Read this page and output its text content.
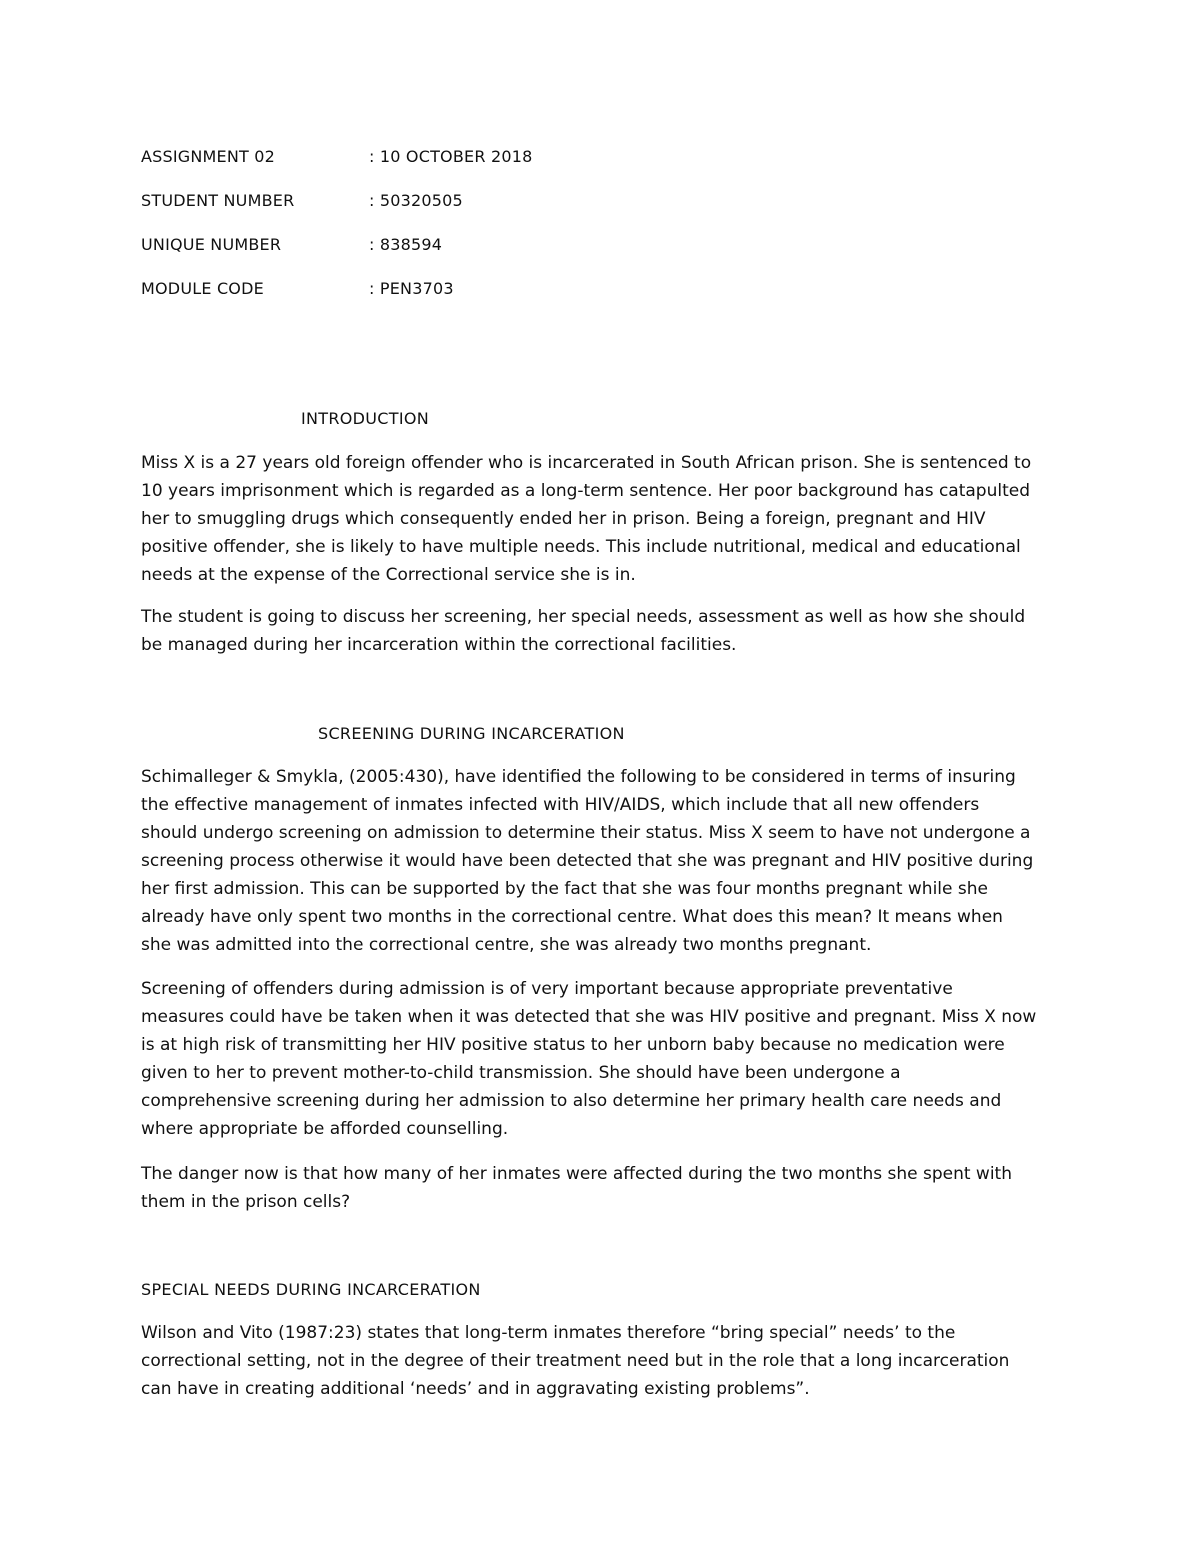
ASSIGNMENT 02	: 10 OCTOBER 2018
STUDENT NUMBER	: 50320505
UNIQUE NUMBER	: 838594
MODULE CODE	: PEN3703
INTRODUCTION
Miss X is a 27 years old foreign offender who is incarcerated in South African prison. She is sentenced to
10 years imprisonment which is regarded as a long-term sentence. Her poor background has catapulted
her to smuggling drugs which consequently ended her in prison. Being a foreign, pregnant and HIV
positive offender, she is likely to have multiple needs. This include nutritional, medical and educational
needs at the expense of the Correctional service she is in.
The student is going to discuss her screening, her special needs, assessment as well as how she should
be managed during her incarceration within the correctional facilities.
SCREENING DURING INCARCERATION
Schimalleger & Smykla, (2005:430), have identified the following to be considered in terms of insuring
the effective management of inmates infected with HIV/AIDS, which include that all new offenders
should undergo screening on admission to determine their status. Miss X seem to have not undergone a
screening process otherwise it would have been detected that she was pregnant and HIV positive during
her first admission. This can be supported by the fact that she was four months pregnant while she
already have only spent two months in the correctional centre. What does this mean? It means when
she was admitted into the correctional centre, she was already two months pregnant.
Screening of offenders during admission is of very important because appropriate preventative
measures could have be taken when it was detected that she was HIV positive and pregnant. Miss X now
is at high risk of transmitting her HIV positive status to her unborn baby because no medication were
given to her to prevent mother-to-child transmission. She should have been undergone a
comprehensive screening during her admission to also determine her primary health care needs and
where appropriate be afforded counselling.
The danger now is that how many of her inmates were affected during the two months she spent with
them in the prison cells?
SPECIAL NEEDS DURING INCARCERATION
Wilson and Vito (1987:23) states that long-term inmates therefore “bring special” needs’ to the
correctional setting, not in the degree of their treatment need but in the role that a long incarceration
can have in creating additional ‘needs’ and in aggravating existing problems”.
